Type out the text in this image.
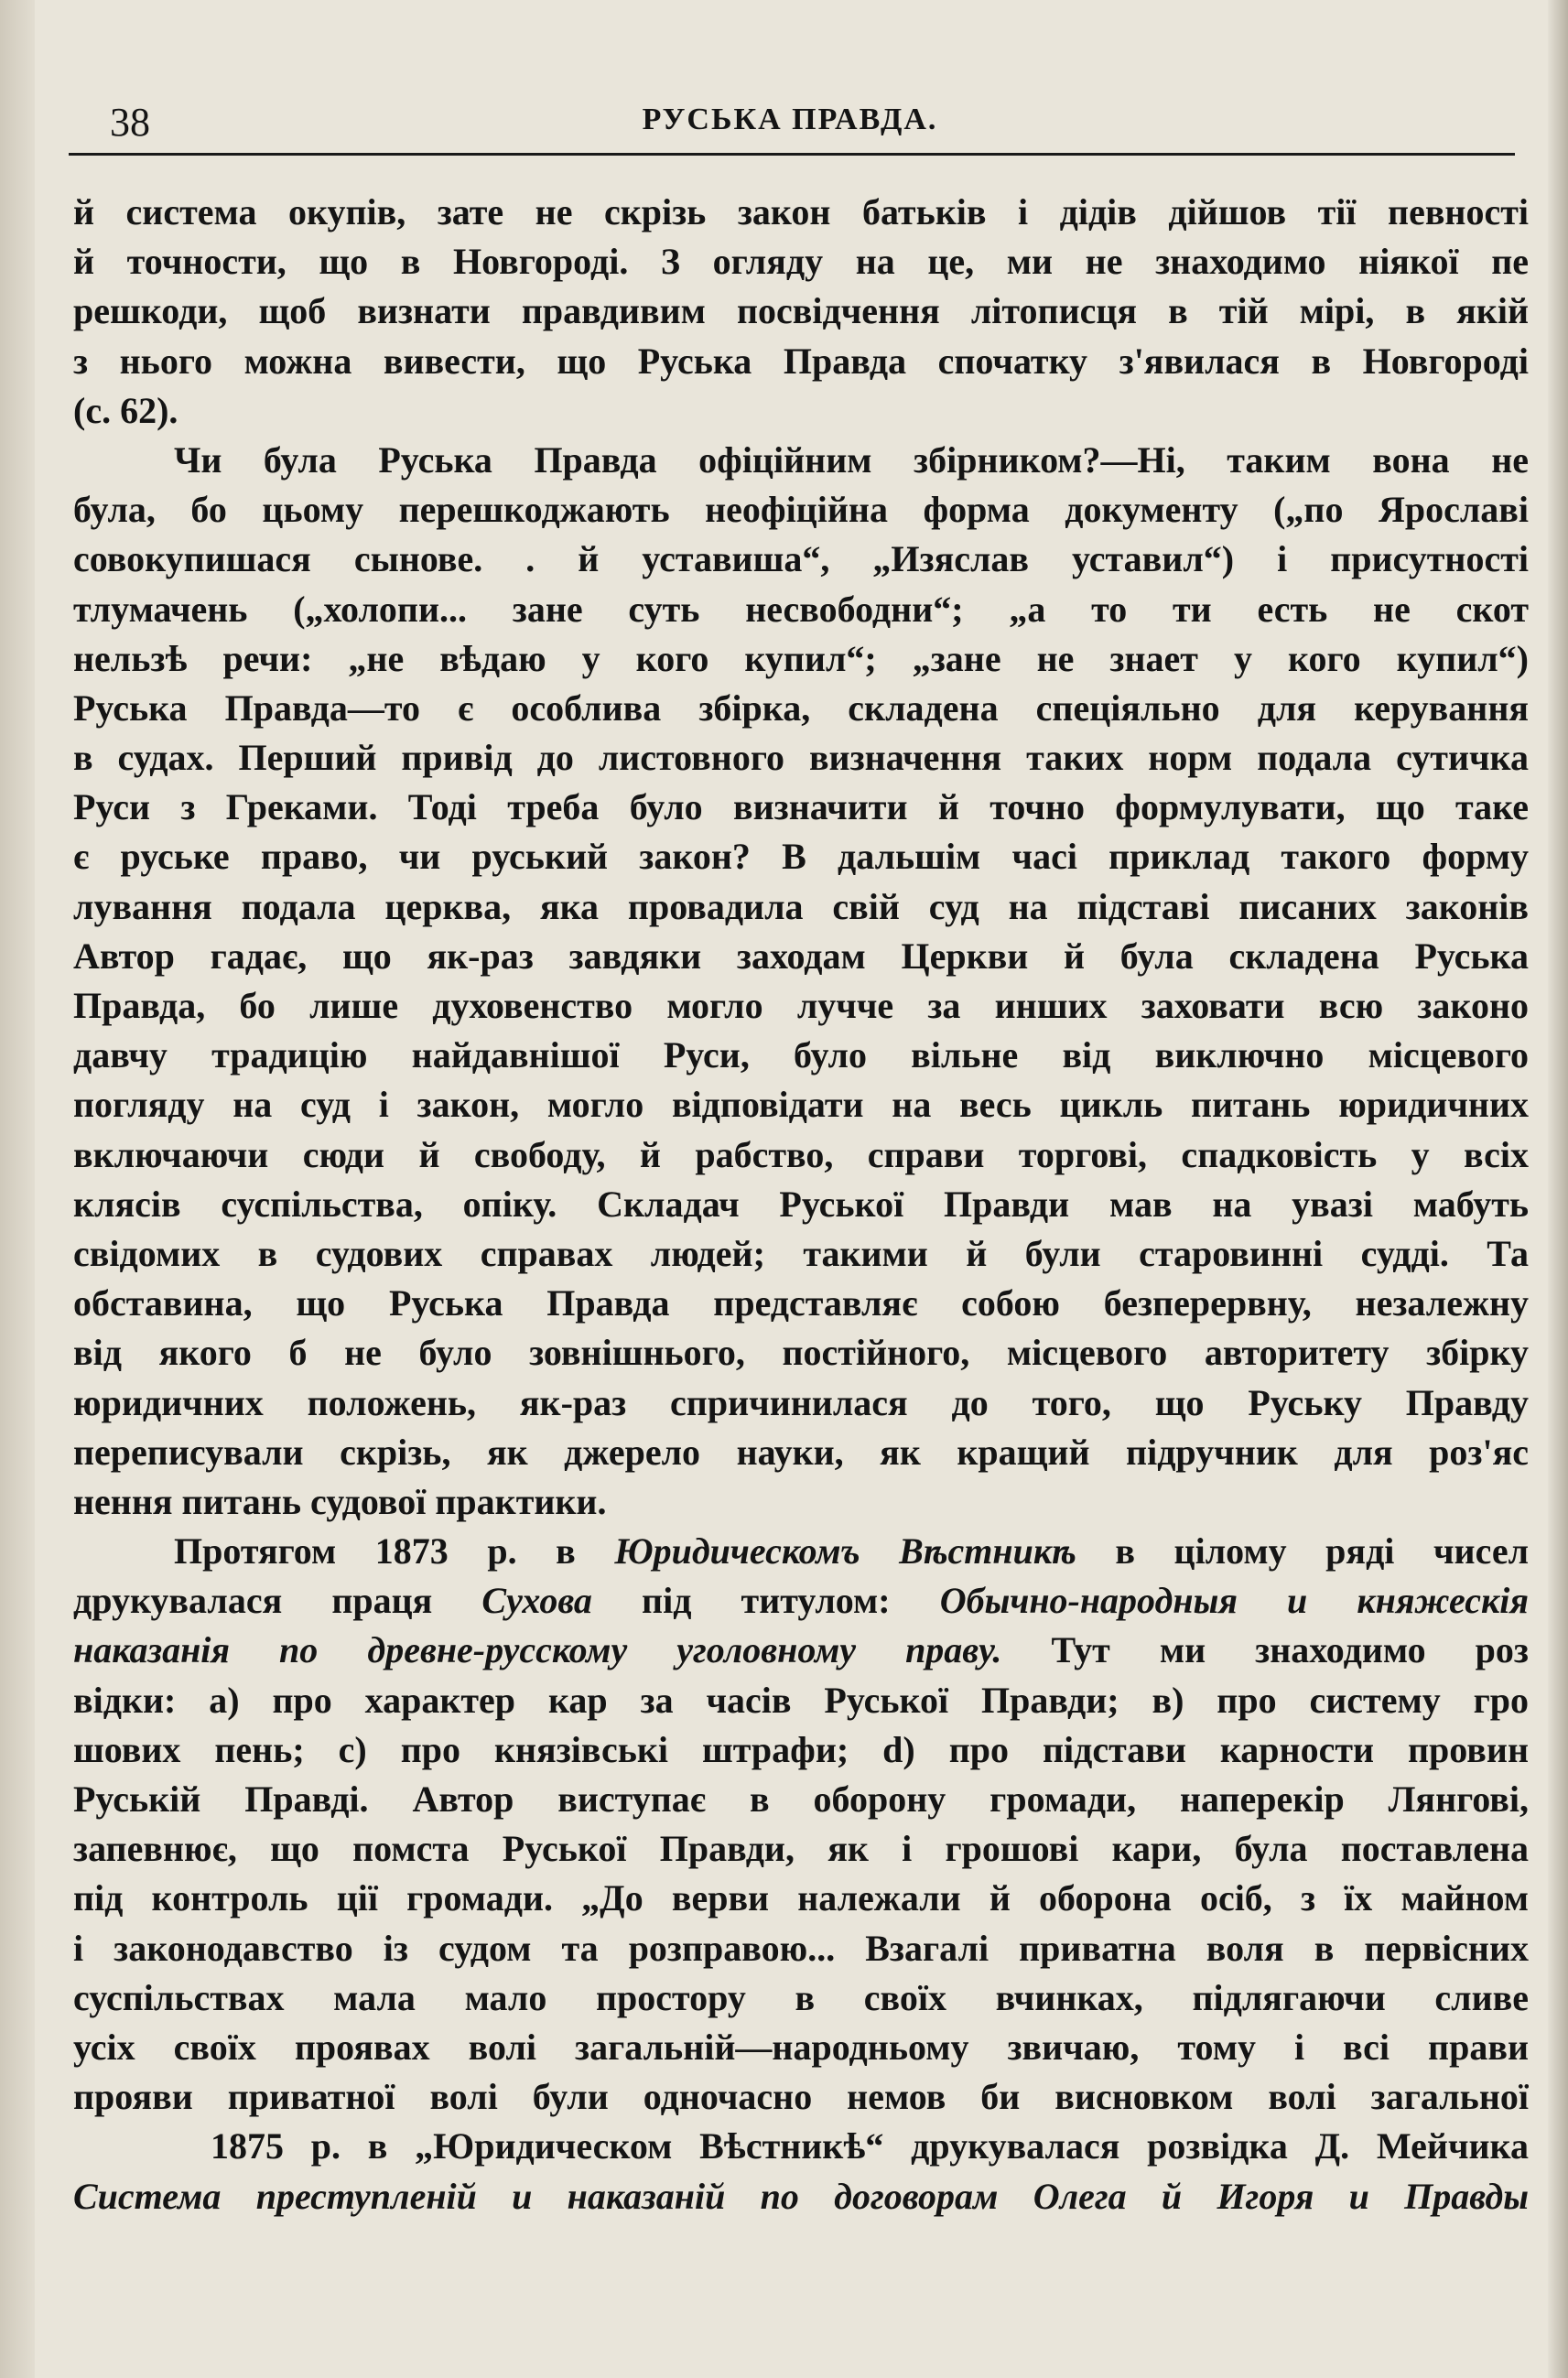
38	РУСЬКА ПРАВДА.
й система окупів, зате не скрізь закон батьків і дідів дійшов тії певності
й точности, що в Новгороді. З огляду на це, ми не знаходимо ніякої пе
решкоди, щоб визнати правдивим посвідчення літописця в тій мірі, в якій
з нього можна вивести, що Руська Правда спочатку з'явилася в Новгороді
(с. 62).
Чи була Руська Правда офіційним збірником?—Ні, таким вона не
була, бо цьому перешкоджають неофіційна форма документу („по Ярославі
совокупишася сынове. . й уставиша“, „Изяслав уставил“) і присутності
тлумачень („холопи... зане суть несвободни“; „а то ти есть не скот
нельзѣ речи: „не вѣдаю у кого купил“; „зане не знает у кого купил“)
Руська Правда—то є особлива збірка, складена спеціяльно для керування
в судах. Перший привід до листовного визначення таких норм подала сутичка
Руси з Греками. Тоді треба було визначити й точно формулувати, що таке
є руське право, чи руський закон? В дальшім часі приклад такого форму
лування подала церква, яка провадила свій суд на підставі писаних законів
Автор гадає, що як-раз завдяки заходам Церкви й була складена Руська
Правда, бо лише духовенство могло лучче за инших заховати всю законо
давчу традицію найдавнішої Руси, було вільне від виключно місцевого
погляду на суд і закон, могло відповідати на весь цикль питань юридичних
включаючи сюди й свободу, й рабство, справи торгові, спадковість у всіх
клясів суспільства, опіку. Складач Руської Правди мав на увазі мабуть
свідомих в судових справах людей; такими й були старовинні судді. Та
обставина, що Руська Правда представляє собою безперервну, незалежну
від якого б не було зовнішнього, постійного, місцевого авторитету збірку
юридичних положень, як-раз спричинилася до того, що Руську Правду
переписували скрізь, як джерело науки, як кращий підручник для роз'яс
нення питань судової практики.
Протягом 1873 р. в Юридическомъ Вѣстникѣ в цілому ряді чисел
друкувалася праця Сухова під титулом: Обычно-народныя и княжескія
наказанія по древне-русскому уголовному праву. Тут ми знаходимо роз
відки: а) про характер кар за часів Руської Правди; в) про систему гро
шових пень; с) про князівські штрафи; d) про підстави карности провин
Руській Правді. Автор виступає в оборону громади, наперекір Лянгові,
запевнює, що помста Руської Правди, як і грошові кари, була поставлена
під контроль ції громади. „До верви належали й оборона осіб, з їх майном
і законодавство із судом та розправою... Взагалі приватна воля в первісних
суспільствах мала мало простору в своїх вчинках, підлягаючи сливе
усіх своїх проявах волі загальній—народньому звичаю, тому і всі прави
прояви приватної волі були одночасно немов би висновком волі загальної
1875 р. в „Юридическом Вѣстникѣ“ друкувалася розвідка Д. Мейчика
Система преступленій и наказаній по договорам Олега й Игоря и Правды
